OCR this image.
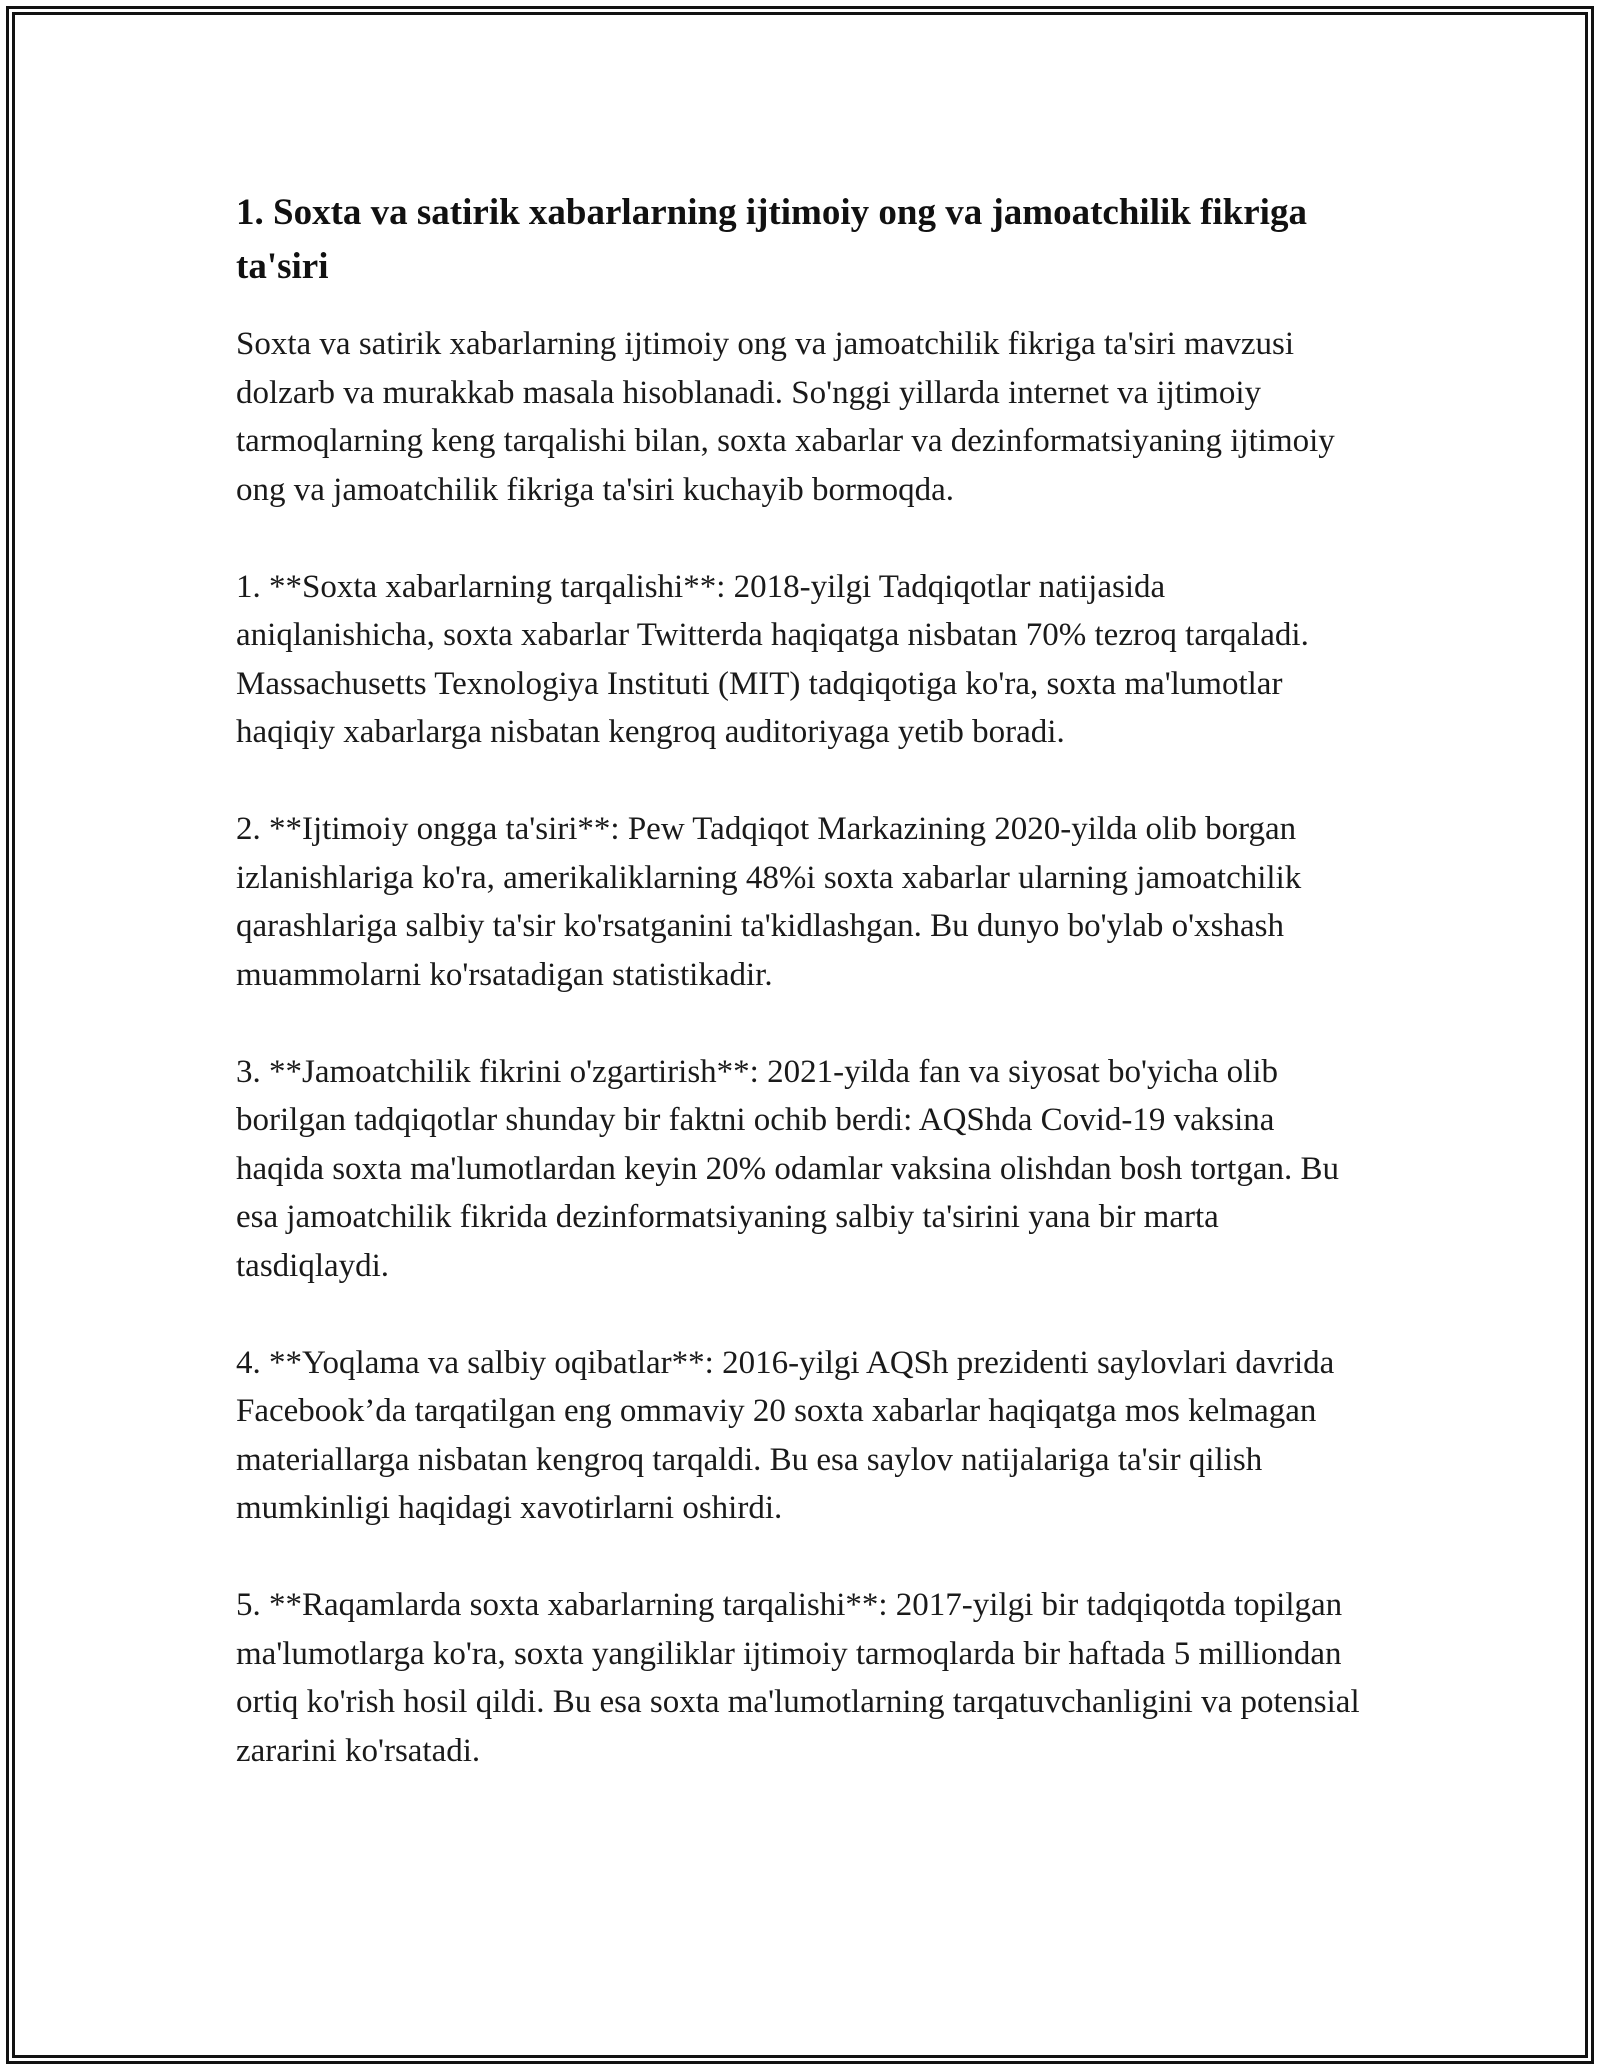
1. Soxta va satirik xabarlarning ijtimoiy ong va jamoatchilik fikriga ta'siri

Soxta va satirik xabarlarning ijtimoiy ong va jamoatchilik fikriga ta'siri mavzusi dolzarb va murakkab masala hisoblanadi. So'nggi yillarda internet va ijtimoiy tarmoqlarning keng tarqalishi bilan, soxta xabarlar va dezinformatsiyaning ijtimoiy ong va jamoatchilik fikriga ta'siri kuchayib bormoqda.

1. **Soxta xabarlarning tarqalishi**: 2018-yilgi Tadqiqotlar natijasida aniqlanishicha, soxta xabarlar Twitterda haqiqatga nisbatan 70% tezroq tarqaladi. Massachusetts Texnologiya Instituti (MIT) tadqiqotiga ko'ra, soxta ma'lumotlar haqiqiy xabarlarga nisbatan kengroq auditoriyaga yetib boradi.

2. **Ijtimoiy ongga ta'siri**: Pew Tadqiqot Markazining 2020-yilda olib borgan izlanishlariga ko'ra, amerikaliklarning 48%i soxta xabarlar ularning jamoatchilik qarashlariga salbiy ta'sir ko'rsatganini ta'kidlashgan. Bu dunyo bo'ylab o'xshash muammolarni ko'rsatadigan statistikadir.

3. **Jamoatchilik fikrini o'zgartirish**: 2021-yilda fan va siyosat bo'yicha olib borilgan tadqiqotlar shunday bir faktni ochib berdi: AQShda Covid-19 vaksina haqida soxta ma'lumotlardan keyin 20% odamlar vaksina olishdan bosh tortgan. Bu esa jamoatchilik fikrida dezinformatsiyaning salbiy ta'sirini yana bir marta tasdiqlaydi.

4. **Yoqlama va salbiy oqibatlar**: 2016-yilgi AQSh prezidenti saylovlari davrida Facebook’da tarqatilgan eng ommaviy 20 soxta xabarlar haqiqatga mos kelmagan materiallarga nisbatan kengroq tarqaldi. Bu esa saylov natijalariga ta'sir qilish mumkinligi haqidagi xavotirlarni oshirdi.

5. **Raqamlarda soxta xabarlarning tarqalishi**: 2017-yilgi bir tadqiqotda topilgan ma'lumotlarga ko'ra, soxta yangiliklar ijtimoiy tarmoqlarda bir haftada 5 milliondan ortiq ko'rish hosil qildi. Bu esa soxta ma'lumotlarning tarqatuvchanligini va potensial zararini ko'rsatadi.
